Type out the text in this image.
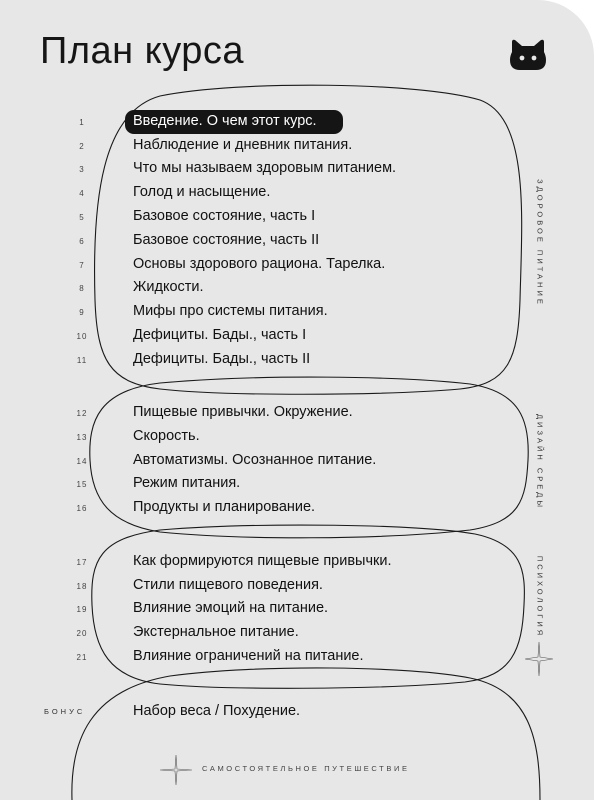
План курса
1
2
3
4
5
6
7
8
9
10
11
12
13
14
15
16
17
18
19
20
21
Введение. О чем этот курс.
Наблюдение и дневник питания.
Что мы называем здоровым питанием.
Голод и насыщение.
Базовое состояние, часть I
Базовое состояние, часть II
Основы здорового рациона. Тарелка.
Жидкости.
Мифы про системы питания.
Дефициты. Бады., часть I
Дефициты. Бады., часть II
Пищевые привычки. Окружение.
Скорость.
Автоматизмы. Осознанное питание.
Режим питания.
Продукты и планирование.
Как формируются пищевые привычки.
Стили пищевого поведения.
Влияние эмоций на питание.
Экстернальное питание.
Влияние ограничений на питание.
ЗДОРОВОЕ ПИТАНИЕ
ДИЗАЙН СРЕДЫ
ПСИХОЛОГИЯ
БОНУС	Набор веса / Похудение.
САМОСТОЯТЕЛЬНОЕ ПУТЕШЕСТВИЕ
